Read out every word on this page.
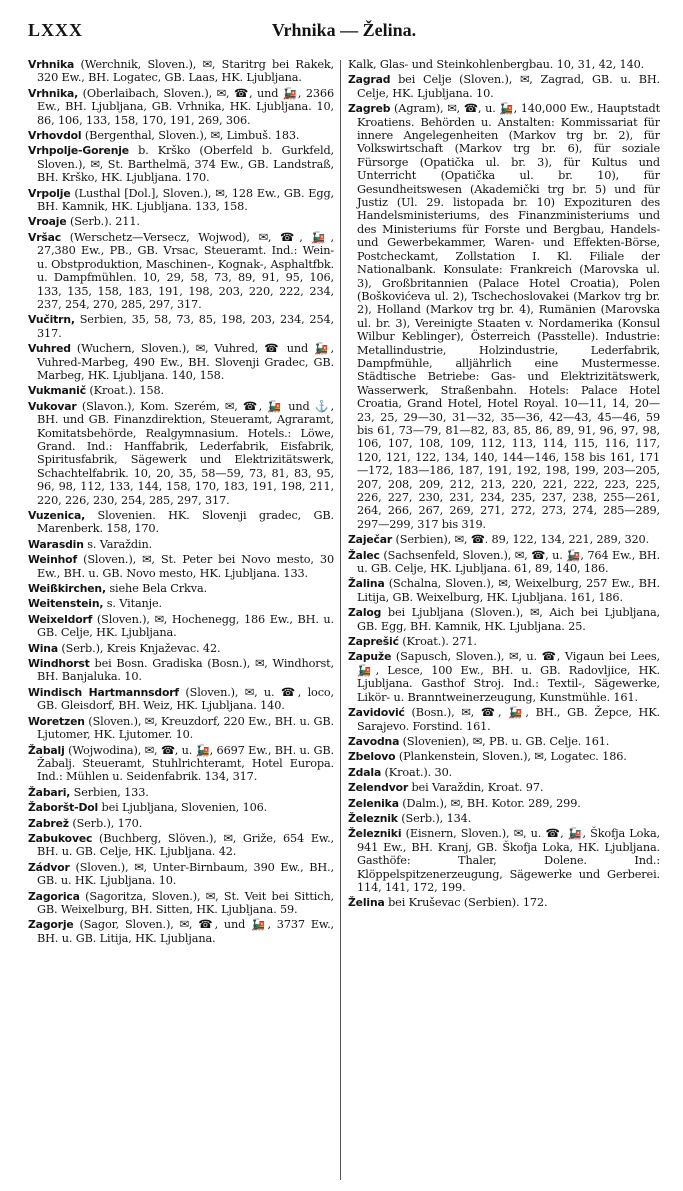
LXXX	Vrhnika — Želina.

Vrhnika (Werchnik, Sloven.), ✉, Staritrg bei Rakek, 320 Ew., BH. Logatec, GB. Laas, HK. Ljubljana.

Vrhnika, (Oberlaibach, Sloven.), ✉, ☎, und 🚂, 2366 Ew., BH. Ljubljana, GB. Vrhnika, HK. Ljubljana. 10, 86, 106, 133, 158, 170, 191, 269, 306.

Vrhovdol (Bergenthal, Sloven.), ✉, Limbuš. 183.

Vrhpolje-Gorenje b. Krško (Oberfeld b. Gurkfeld, Sloven.), ✉, St. Barthelmä, 374 Ew., GB. Landstraß, BH. Krško, HK. Ljubljana. 170.

Vrpolje (Lusthal [Dol.], Sloven.), ✉, 128 Ew., GB. Egg, BH. Kamnik, HK. Ljubljana. 133, 158.

Vroaje (Serb.). 211.

Vršac (Werschetz—Versecz, Wojwod), ✉, ☎, 🚂, 27,380 Ew., PB., GB. Vrsac, Steueramt. Ind.: Wein- u. Obstproduktion, Maschinen-, Kognak-, Asphaltfbk. u. Dampfmühlen. 10, 29, 58, 73, 89, 91, 95, 106, 133, 135, 158, 183, 191, 198, 203, 220, 222, 234, 237, 254, 270, 285, 297, 317.

Vučitrn, Serbien, 35, 58, 73, 85, 198, 203, 234, 254, 317.

Vuhred (Wuchern, Sloven.), ✉, Vuhred, ☎ und 🚂, Vuhred-Marbeg, 490 Ew., BH. Slovenji Gradec, GB. Marbeg, HK. Ljubljana. 140, 158.

Vukmanič (Kroat.). 158.

Vukovar (Slavon.), Kom. Szerém, ✉, ☎, 🚂 und ⚓, BH. und GB. Finanzdirektion, Steueramt, Agraramt, Komitatsbehörde, Realgymnasium. Hotels.: Löwe, Grand. Ind.: Hanffabrik, Lederfabrik, Eisfabrik, Spiritusfabrik, Sägewerk und Elektrizitätswerk, Schachtelfabrik. 10, 20, 35, 58—59, 73, 81, 83, 95, 96, 98, 112, 133, 144, 158, 170, 183, 191, 198, 211, 220, 226, 230, 254, 285, 297, 317.

Vuzenica, Slovenien. HK. Slovenji gradec, GB. Marenberk. 158, 170.

Warasdin s. Varaždin.

Weinhof (Sloven.), ✉, St. Peter bei Novo mesto, 30 Ew., BH. u. GB. Novo mesto, HK. Ljubljana. 133.

Weißkirchen, siehe Bela Crkva.

Weitenstein, s. Vitanje.

Weixeldorf (Sloven.), ✉, Hochenegg, 186 Ew., BH. u. GB. Celje, HK. Ljubljana.

Wina (Serb.), Kreis Knjaževac. 42.

Windhorst bei Bosn. Gradiska (Bosn.), ✉, Windhorst, BH. Banjaluka. 10.

Windisch Hartmannsdorf (Sloven.), ✉, u. ☎, loco, GB. Gleisdorf, BH. Weiz, HK. Ljubljana. 140.

Woretzen (Sloven.), ✉, Kreuzdorf, 220 Ew., BH. u. GB. Ljutomer, HK. Ljutomer. 10.

Žabalj (Wojwodina), ✉, ☎, u. 🚂, 6697 Ew., BH. u. GB. Žabalj. Steueramt, Stuhlrichteramt, Hotel Europa. Ind.: Mühlen u. Seidenfabrik. 134, 317.

Žabari, Serbien, 133.

Žaboršt-Dol bei Ljubljana, Slovenien, 106.

Zabrež (Serb.), 170.

Zabukovec (Buchberg, Slöven.), ✉, Griže, 654 Ew., BH. u. GB. Celje, HK. Ljubljana. 42.

Zádvor (Sloven.), ✉, Unter-Birnbaum, 390 Ew., BH., GB. u. HK. Ljubljana. 10.

Zagorica (Sagoritza, Sloven.), ✉, St. Veit bei Sittich, GB. Weixelburg, BH. Sitten, HK. Ljubljana. 59.

Zagorje (Sagor, Sloven.), ✉, ☎, und 🚂, 3737 Ew., BH. u. GB. Litija, HK. Ljubljana.

Kalk, Glas- und Steinkohlenbergbau. 10, 31, 42, 140.

Zagrad bei Celje (Sloven.), ✉, Zagrad, GB. u. BH. Celje, HK. Ljubljana. 10.

Zagreb (Agram), ✉, ☎, u. 🚂, 140,000 Ew., Hauptstadt Kroatiens. Behörden u. Anstalten: Kommissariat für innere Angelegenheiten (Markov trg br. 2), für Volkswirtschaft (Markov trg br. 6), für soziale Fürsorge (Opatička ul. br. 3), für Kultus und Unterricht (Opatička ul. br. 10), für Gesundheitswesen (Akademički trg br. 5) und für Justiz (Ul. 29. listopada br. 10) Expozituren des Handelsministeriums, des Finanzministeriums und des Ministeriums für Forste und Bergbau, Handels- und Gewerbekammer, Waren- und Effekten-Börse, Postcheckamt, Zollstation I. Kl. Filiale der Nationalbank. Konsulate: Frankreich (Marovska ul. 3), Großbritannien (Palace Hotel Croatia), Polen (Boškovićeva ul. 2), Tschechoslovakei (Markov trg br. 2), Holland (Markov trg br. 4), Rumänien (Marovska ul. br. 3), Vereinigte Staaten v. Nordamerika (Konsul Wilbur Keblinger), Österreich (Passtelle). Industrie: Metallindustrie, Holzindustrie, Lederfabrik, Dampfmühle, alljährlich eine Mustermesse. Städtische Betriebe: Gas- und Elektrizitätswerk, Wasserwerk, Straßenbahn. Hotels: Palace Hotel Croatia, Grand Hotel, Hotel Royal. 10—11, 14, 20—23, 25, 29—30, 31—32, 35—36, 42—43, 45—46, 59 bis 61, 73—79, 81—82, 83, 85, 86, 89, 91, 96, 97, 98, 106, 107, 108, 109, 112, 113, 114, 115, 116, 117, 120, 121, 122, 134, 140, 144—146, 158 bis 161, 171—172, 183—186, 187, 191, 192, 198, 199, 203—205, 207, 208, 209, 212, 213, 220, 221, 222, 223, 225, 226, 227, 230, 231, 234, 235, 237, 238, 255—261, 264, 266, 267, 269, 271, 272, 273, 274, 285—289, 297—299, 317 bis 319.

Zaječar (Serbien), ✉, ☎. 89, 122, 134, 221, 289, 320.

Žalec (Sachsenfeld, Sloven.), ✉, ☎, u. 🚂, 764 Ew., BH. u. GB. Celje, HK. Ljubljana. 61, 89, 140, 186.

Žalina (Schalna, Sloven.), ✉, Weixelburg, 257 Ew., BH. Litija, GB. Weixelburg, HK. Ljubljana. 161, 186.

Zalog bei Ljubljana (Sloven.), ✉, Aich bei Ljubljana, GB. Egg, BH. Kamnik, HK. Ljubljana. 25.

Zaprešić (Kroat.). 271.

Zapuže (Sapusch, Sloven.), ✉, u. ☎, Vigaun bei Lees, 🚂, Lesce, 100 Ew., BH. u. GB. Radovljice, HK. Ljubljana. Gasthof Stroj. Ind.: Textil-, Sägewerke, Likör- u. Branntweinerzeugung, Kunstmühle. 161.

Zavidović (Bosn.), ✉, ☎, 🚂, BH., GB. Žepce, HK. Sarajevo. Forstind. 161.

Zavodna (Slovenien), ✉, PB. u. GB. Celje. 161.

Zbelovo (Plankenstein, Sloven.), ✉, Logatec. 186.

Zdala (Kroat.). 30.

Zelendvor bei Varaždin, Kroat. 97.

Zelenika (Dalm.), ✉, BH. Kotor. 289, 299.

Železnik (Serb.), 134.

Železniki (Eisnern, Sloven.), ✉, u. ☎, 🚂, Škofja Loka, 941 Ew., BH. Kranj, GB. Škofja Loka, HK. Ljubljana. Gasthöfe: Thaler, Dolene. Ind.: Klöppelspitzenerzeugung, Sägewerke und Gerberei. 114, 141, 172, 199.

Želina bei Kruševac (Serbien). 172.
